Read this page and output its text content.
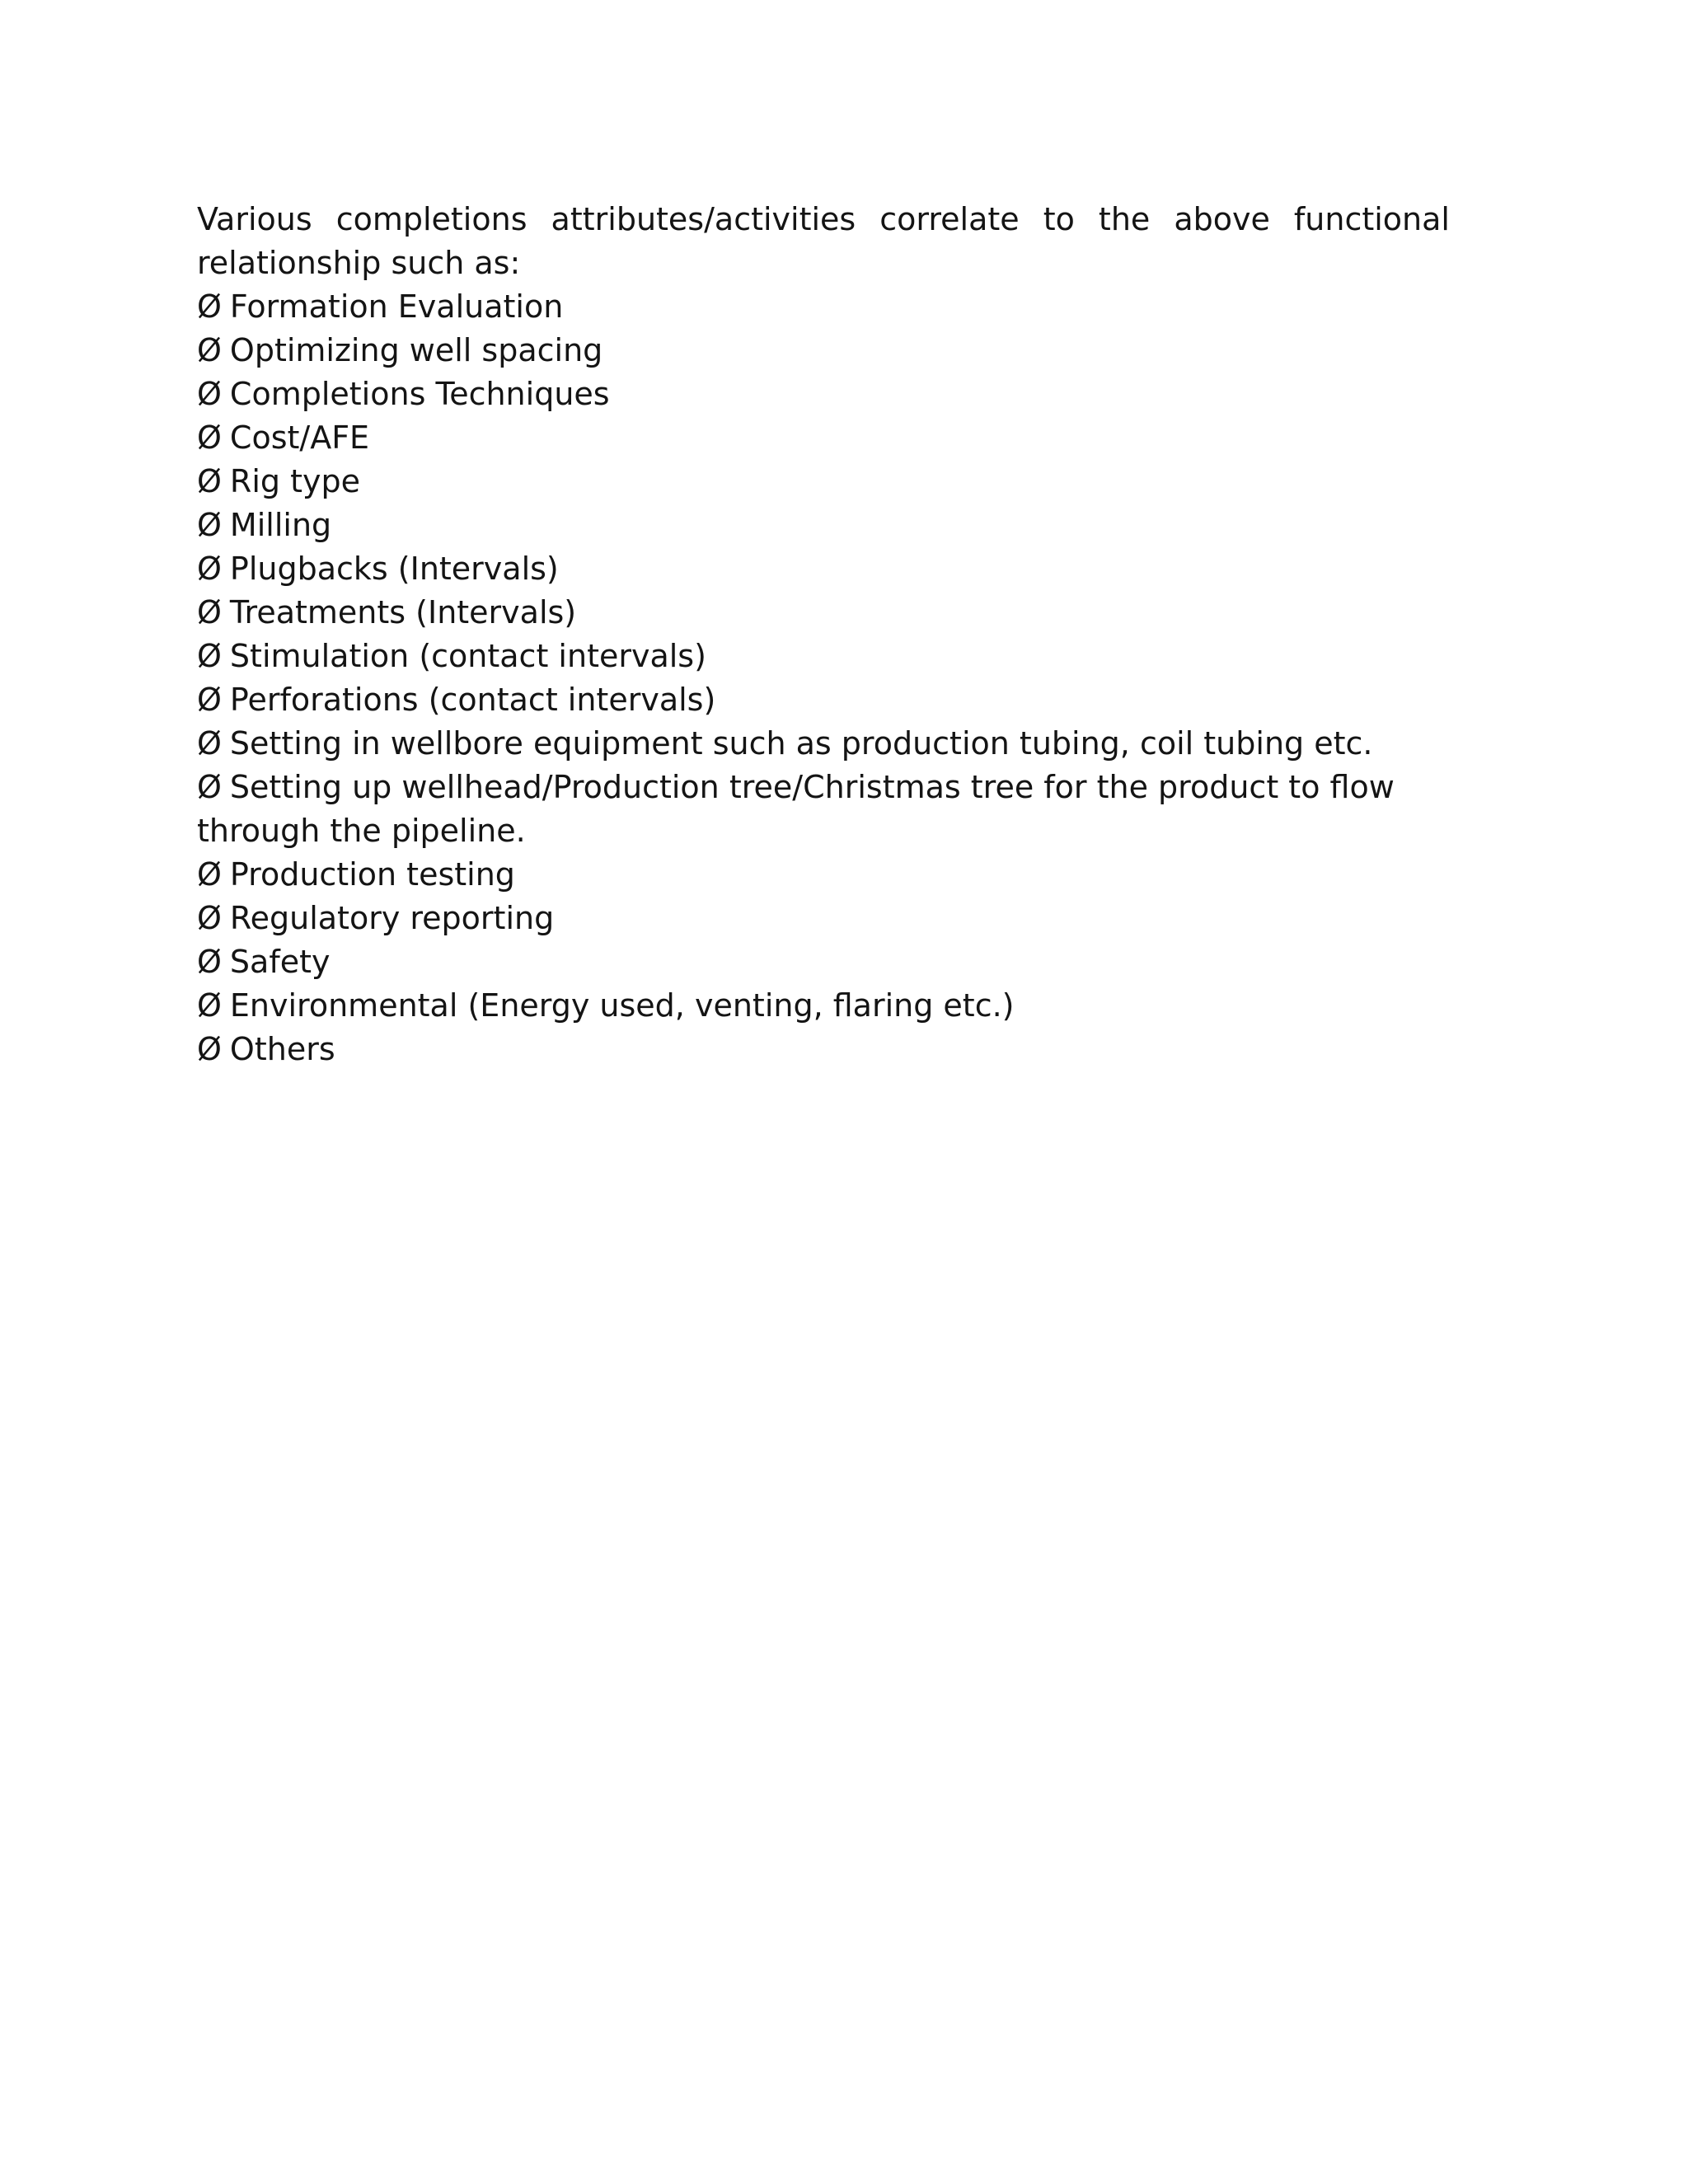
Various completions attributes/activities correlate to the above functional relationship such as:

Ø Formation Evaluation
Ø Optimizing well spacing
Ø Completions Techniques
Ø Cost/AFE
Ø Rig type
Ø Milling
Ø Plugbacks (Intervals)
Ø Treatments (Intervals)
Ø Stimulation (contact intervals)
Ø Perforations (contact intervals)
Ø Setting in wellbore equipment such as production tubing, coil tubing etc.
Ø Setting up wellhead/Production tree/Christmas tree for the product to flow through the pipeline.
Ø Production testing
Ø Regulatory reporting
Ø Safety
Ø Environmental (Energy used, venting, flaring etc.)
Ø Others
